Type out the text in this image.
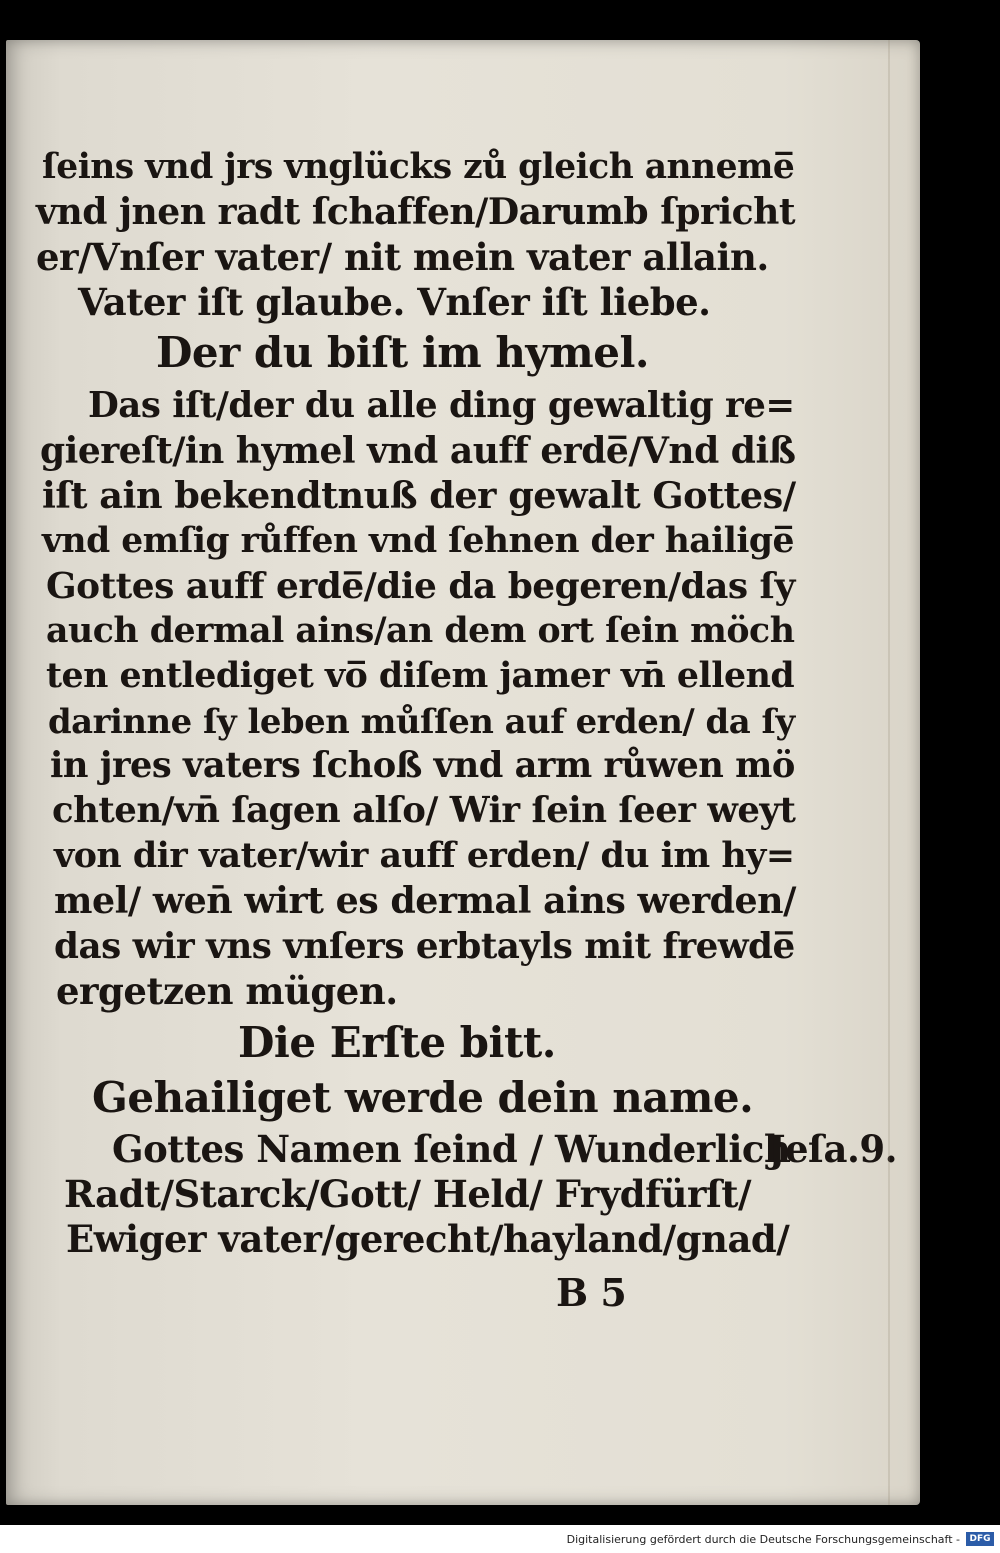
ſeins vnd jrs vnglücks zů gleich anneme̅
vnd jnen radt ſchaffen/Darumb ſpricht
er/Vnſer vater/ nit mein vater allain.
Vater iſt glaube. Vnſer iſt liebe.
Der du biſt im hymel.
Das iſt/der du alle ding gewaltig re=
giereſt/in hymel vnd auff erde̅/Vnd diß
iſt ain bekendtnuß der gewalt Gottes/
vnd emſig růffen vnd ſehnen der hailige̅
Gottes auff erde̅/die da begeren/das ſy
auch dermal ains/an dem ort ſein möch
ten entlediget vo̅ diſem jamer vn̄ ellend
darinne ſy leben můſſen auf erden/ da ſy
in jres vaters ſchoß vnd arm růwen mö
chten/vn̄ ſagen alſo/ Wir ſein ſeer weyt
von dir vater/wir auff erden/ du im hy=
mel/ wen̄ wirt es dermal ains werden/
das wir vns vnſers erbtayls mit frewde̅
ergetzen mügen.
Die Erſte bitt.
Gehailiget werde dein name.
Gottes Namen ſeind / Wunderlich
Radt/Starck/Gott/ Held/ Frydfürſt/
Ewiger vater/gerecht/hayland/gnad/
Jeſa.9.
B 5
Digitalisierung gefördert durch die Deutsche Forschungsgemeinschaft -	DFG
